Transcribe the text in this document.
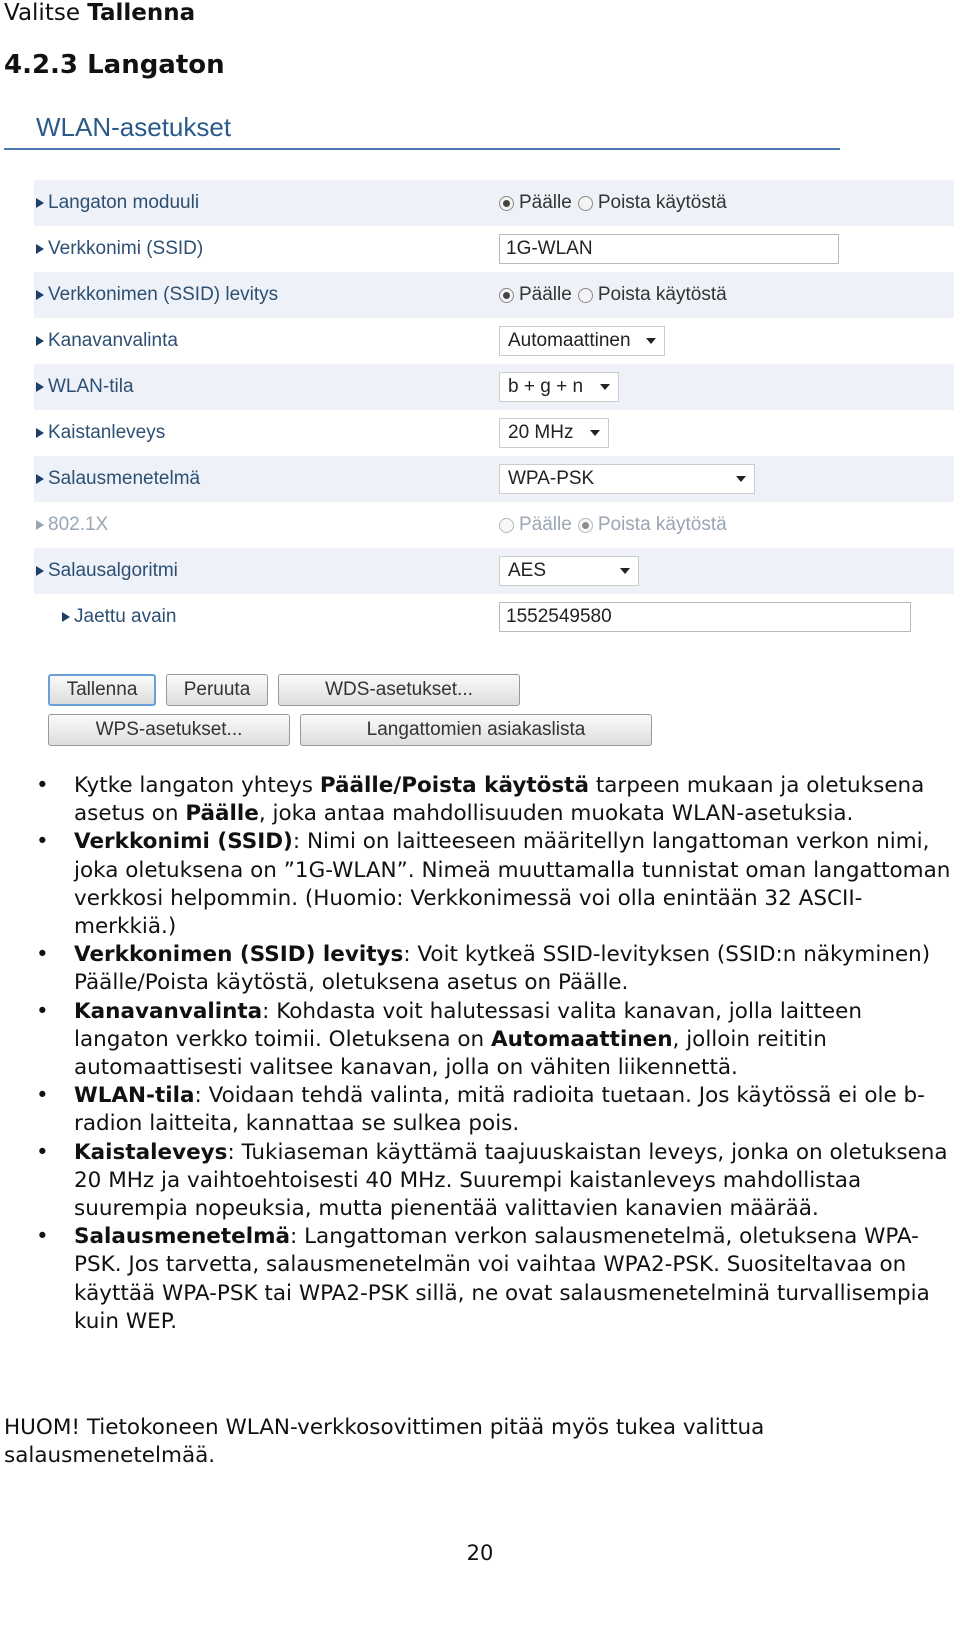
Valitse Tallenna
4.2.3 Langaton
WLAN-asetukset
Langaton moduuli	Päälle Poista käytöstä
Verkkonimi (SSID)	1G-WLAN
Verkkonimen (SSID) levitys	Päälle Poista käytöstä
Kanavanvalinta	Automaattinen
WLAN-tila	b + g + n
Kaistanleveys	20 MHz
Salausmenetelmä	WPA-PSK
802.1X	Päälle Poista käytöstä
Salausalgoritmi	AES
Jaettu avain	1552549580
Tallenna	Peruuta	WDS-asetukset...
WPS-asetukset...	Langattomien asiakaslista
• Kytke langaton yhteys Päälle/Poista käytöstä tarpeen mukaan ja oletuksena asetus on Päälle, joka antaa mahdollisuuden muokata WLAN-asetuksia.
• Verkkonimi (SSID): Nimi on laitteeseen määritellyn langattoman verkon nimi, joka oletuksena on ”1G-WLAN”. Nimeä muuttamalla tunnistat oman langattoman verkkosi helpommin. (Huomio: Verkkonimessä voi olla enintään 32 ASCII-merkkiä.)
• Verkkonimen (SSID) levitys: Voit kytkeä SSID-levityksen (SSID:n näkyminen) Päälle/Poista käytöstä, oletuksena asetus on Päälle.
• Kanavanvalinta: Kohdasta voit halutessasi valita kanavan, jolla laitteen langaton verkko toimii. Oletuksena on Automaattinen, jolloin reititin automaattisesti valitsee kanavan, jolla on vähiten liikennettä.
• WLAN-tila: Voidaan tehdä valinta, mitä radioita tuetaan. Jos käytössä ei ole b-radion laitteita, kannattaa se sulkea pois.
• Kaistaleveys: Tukiaseman käyttämä taajuuskaistan leveys, jonka on oletuksena 20 MHz ja vaihtoehtoisesti 40 MHz. Suurempi kaistanleveys mahdollistaa suurempia nopeuksia, mutta pienentää valittavien kanavien määrää.
• Salausmenetelmä: Langattoman verkon salausmenetelmä, oletuksena WPA-PSK. Jos tarvetta, salausmenetelmän voi vaihtaa WPA2-PSK. Suositeltavaa on käyttää WPA-PSK tai WPA2-PSK sillä, ne ovat salausmenetelminä turvallisempia kuin WEP.
HUOM! Tietokoneen WLAN-verkkosovittimen pitää myös tukea valittua salausmenetelmää.
20
